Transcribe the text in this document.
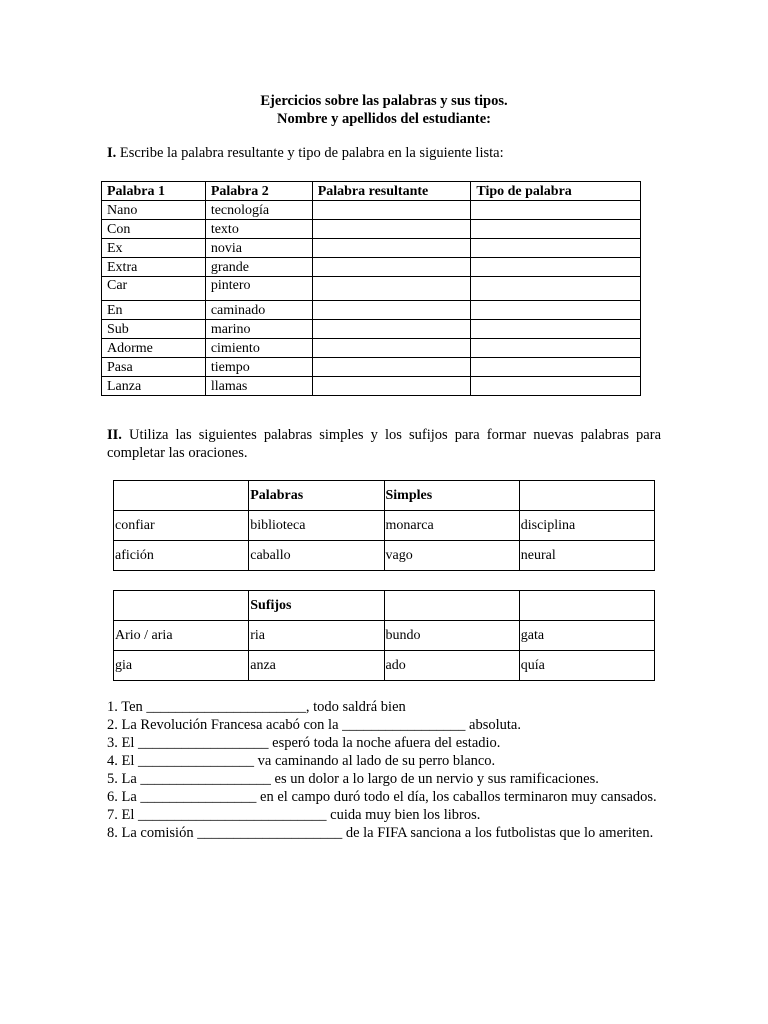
Ejercicios sobre las palabras y sus tipos.
Nombre y apellidos del estudiante:
I. Escribe la palabra resultante y tipo de palabra en la siguiente lista:
Palabra 1	Palabra 2	Palabra resultante	Tipo de palabra
Nano	tecnología		
Con	texto		
Ex	novia		
Extra	grande		
Car	pintero		
En	caminado		
Sub	marino		
Adorme	cimiento		
Pasa	tiempo		
Lanza	llamas		
II. Utiliza las siguientes palabras simples y los sufijos para formar nuevas palabras para completar las oraciones.
	Palabras	Simples	
confiar	biblioteca	monarca	disciplina
afición	caballo	vago	neural
	Sufijos		
Ario / aria	ria	bundo	gata
gia	anza	ado	quía

1. Ten ______________________, todo saldrá bien

2. La Revolución Francesa acabó con la _________________ absoluta.

3. El __________________ esperó toda la noche afuera del estadio.

4. El ________________ va caminando al lado de su perro blanco.

5. La __________________ es un dolor a lo largo de un nervio y sus ramificaciones.

6. La ________________ en el campo duró todo el día, los caballos terminaron muy cansados.

7. El __________________________ cuida muy bien los libros.

8. La comisión ____________________ de la FIFA sanciona a los futbolistas que lo ameriten.
